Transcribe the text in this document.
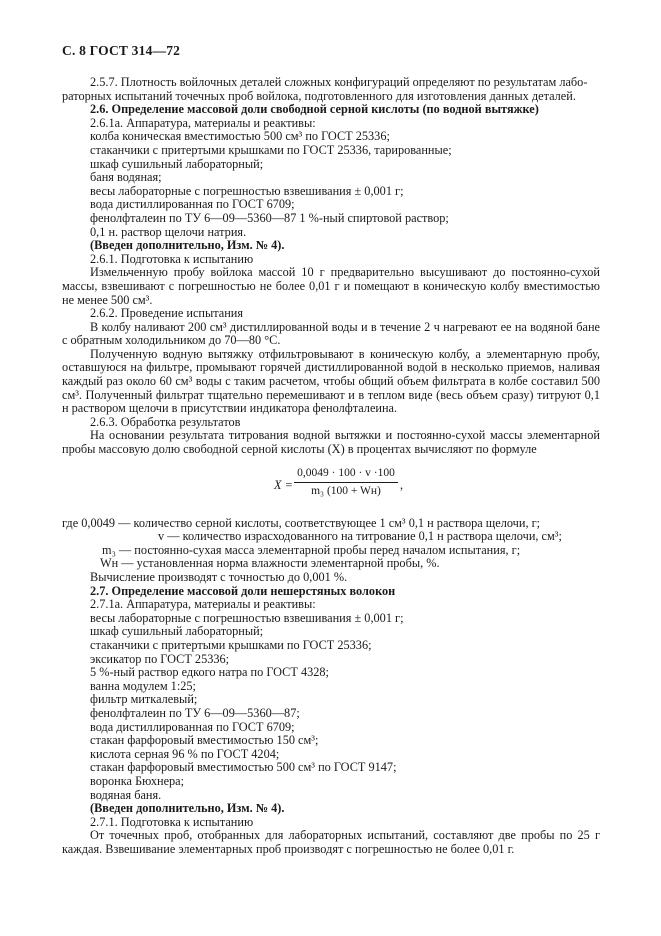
С. 8 ГОСТ 314—72

2.5.7. Плотность войлочных деталей сложных конфигураций определяют по результатам лабо-
раторных испытаний точечных проб войлока, подготовленного для изготовления данных деталей.

2.6. Определение массовой доли свободной серной кислоты (по водной вытяжке)

2.6.1а. Аппаратура, материалы и реактивы:

колба коническая вместимостью 500 см³ по ГОСТ 25336;

стаканчики с притертыми крышками по ГОСТ 25336, тарированные;

шкаф сушильный лабораторный;

баня водяная;

весы лабораторные с погрешностью взвешивания ± 0,001 г;

вода дистиллированная по ГОСТ 6709;

фенолфталеин по ТУ 6—09—5360—87 1 %-ный спиртовой раствор;

0,1 н. раствор щелочи натрия.

(Введен дополнительно, Изм. № 4).

2.6.1. Подготовка к испытанию

Измельченную пробу войлока массой 10 г предварительно высушивают до постоянно-сухой массы, взвешивают с погрешностью не более 0,01 г и помещают в коническую колбу вместимостью не менее 500 см³.

2.6.2. Проведение испытания

В колбу наливают 200 см³ дистиллированной воды и в течение 2 ч нагревают ее на водяной бане с обратным холодильником до 70—80 °С.

Полученную водную вытяжку отфильтровывают в коническую колбу, а элементарную пробу, оставшуюся на фильтре, промывают горячей дистиллированной водой в несколько приемов, наливая каждый раз около 60 см³ воды с таким расчетом, чтобы общий объем фильтрата в колбе составил 500 см³. Полученный фильтрат тщательно перемешивают и в теплом виде (весь объем сразу) титруют 0,1 н раствором щелочи в присутствии индикатора фенолфталеина.

2.6.3. Обработка результатов

На основании результата титрования водной вытяжки и постоянно-сухой массы элементарной пробы массовую долю свободной серной кислоты (X) в процентах вычисляют по формуле

X =
0,0049 · 100 · v ·100
m₃ (100 + Wн)	,

где 0,0049 — количество серной кислоты, соответствующее 1 см³ 0,1 н раствора щелочи, г;

v — количество израсходованного на титрование 0,1 н раствора щелочи, см³;

m₃ — постоянно-сухая масса элементарной пробы перед началом испытания, г;

Wн — установленная норма влажности элементарной пробы, %.

Вычисление производят с точностью до 0,001 %.

2.7. Определение массовой доли нешерстяных волокон

2.7.1а. Аппаратура, материалы и реактивы:

весы лабораторные с погрешностью взвешивания ± 0,001 г;

шкаф сушильный лабораторный;

стаканчики с притертыми крышками по ГОСТ 25336;

эксикатор по ГОСТ 25336;

5 %-ный раствор едкого натра по ГОСТ 4328;

ванна модулем 1:25;

фильтр миткалевый;

фенолфталеин по ТУ 6—09—5360—87;

вода дистиллированная по ГОСТ 6709;

стакан фарфоровый вместимостью 150 см³;

кислота серная 96 % по ГОСТ 4204;

стакан фарфоровый вместимостью 500 см³ по ГОСТ 9147;

воронка Бюхнера;

водяная баня.

(Введен дополнительно, Изм. № 4).

2.7.1. Подготовка к испытанию

От точечных проб, отобранных для лабораторных испытаний, составляют две пробы по 25 г каждая. Взвешивание элементарных проб производят с погрешностью не более 0,01 г.
